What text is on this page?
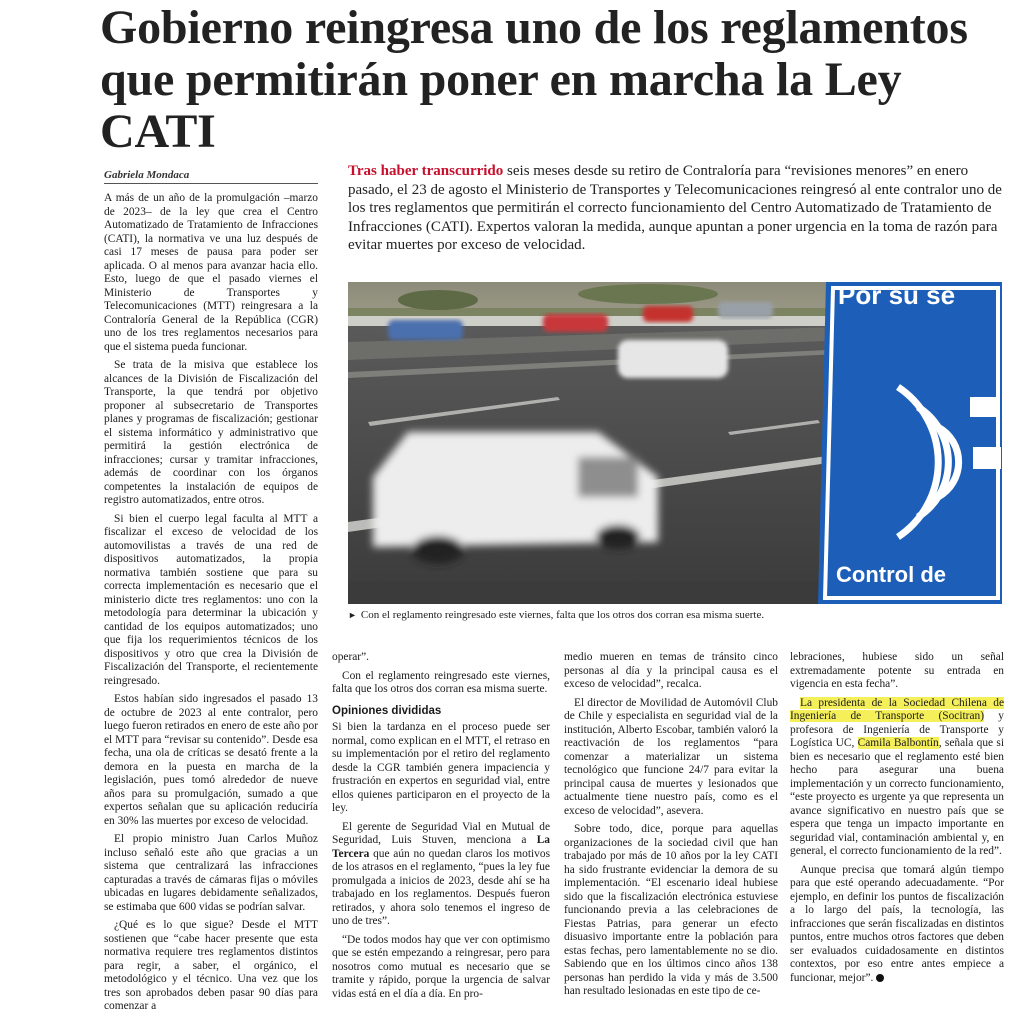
Gobierno reingresa uno de los reglamentos que permitirán poner en marcha la Ley CATI
Gabriela Mondaca	Tras haber transcurrido seis meses desde su retiro de Contraloría para “revisiones menores” en enero pasado, el 23 de agosto el Ministerio de Transportes y Telecomunicaciones reingresó al ente contralor uno de los tres reglamentos que permitirán el correcto funcionamiento del Centro Automatizado de Tratamiento de Infracciones (CATI). Expertos valoran la medida, aunque apuntan a poner urgencia en la toma de razón para evitar muertes por exceso de velocidad.
Por su se
Control de
► Con el reglamento reingresado este viernes, falta que los otros dos corran esa misma suerte.

A más de un año de la promulgación –marzo de 2023– de la ley que crea el Centro Automatizado de Tratamiento de Infracciones (CATI), la normativa ve una luz después de casi 17 meses de pausa para poder ser aplicada. O al menos para avanzar hacia ello. Esto, luego de que el pasado viernes el Ministerio de Transportes y Telecomunicaciones (MTT) reingresara a la Contraloría General de la República (CGR) uno de los tres reglamentos necesarios para que el sistema pueda funcionar.

Se trata de la misiva que establece los alcances de la División de Fiscalización del Transporte, la que tendrá por objetivo proponer al subsecretario de Transportes planes y programas de fiscalización; gestionar el sistema informático y administrativo que permitirá la gestión electrónica de infracciones; cursar y tramitar infracciones, además de coordinar con los órganos competentes la instalación de equipos de registro automatizados, entre otros.

Si bien el cuerpo legal faculta al MTT a fiscalizar el exceso de velocidad de los automovilistas a través de una red de dispositivos automatizados, la propia normativa también sostiene que para su correcta implementación es necesario que el ministerio dicte tres reglamentos: uno con la metodología para determinar la ubicación y cantidad de los equipos automatizados; uno que fija los requerimientos técnicos de los dispositivos y otro que crea la División de Fiscalización del Transporte, el recientemente reingresado.

Estos habían sido ingresados el pasado 13 de octubre de 2023 al ente contralor, pero luego fueron retirados en enero de este año por el MTT para “revisar su contenido”. Desde esa fecha, una ola de críticas se desató frente a la demora en la puesta en marcha de la legislación, pues tomó alrededor de nueve años para su promulgación, sumado a que expertos señalan que su aplicación reduciría en 30% las muertes por exceso de velocidad.

El propio ministro Juan Carlos Muñoz incluso señaló este año que gracias a un sistema que centralizará las infracciones capturadas a través de cámaras fijas o móviles ubicadas en lugares debidamente señalizados, se estimaba que 600 vidas se podrían salvar.

¿Qué es lo que sigue? Desde el MTT sostienen que “cabe hacer presente que esta normativa requiere tres reglamentos distintos para regir, a saber, el orgánico, el metodológico y el técnico. Una vez que los tres son aprobados deben pasar 90 días para comenzar a

operar”.

Con el reglamento reingresado este viernes, falta que los otros dos corran esa misma suerte.

Opiniones divididas

Si bien la tardanza en el proceso puede ser normal, como explican en el MTT, el retraso en su implementación por el retiro del reglamento desde la CGR también genera impaciencia y frustración en expertos en seguridad vial, entre ellos quienes participaron en el proyecto de la ley.

El gerente de Seguridad Vial en Mutual de Seguridad, Luis Stuven, menciona a La Tercera que aún no quedan claros los motivos de los atrasos en el reglamento, “pues la ley fue promulgada a inicios de 2023, desde ahí se ha trabajado en los reglamentos. Después fueron retirados, y ahora solo tenemos el ingreso de uno de tres”.

“De todos modos hay que ver con optimismo que se estén empezando a reingresar, pero para nosotros como mutual es necesario que se tramite y rápido, porque la urgencia de salvar vidas está en el día a día. En pro-

medio mueren en temas de tránsito cinco personas al día y la principal causa es el exceso de velocidad”, recalca.

El director de Movilidad de Automóvil Club de Chile y especialista en seguridad vial de la institución, Alberto Escobar, también valoró la reactivación de los reglamentos “para comenzar a materializar un sistema tecnológico que funcione 24/7 para evitar la principal causa de muertes y lesionados que actualmente tiene nuestro país, como es el exceso de velocidad”, asevera.

Sobre todo, dice, porque para aquellas organizaciones de la sociedad civil que han trabajado por más de 10 años por la ley CATI ha sido frustrante evidenciar la demora de su implementación. “El escenario ideal hubiese sido que la fiscalización electrónica estuviese funcionando previa a las celebraciones de Fiestas Patrias, para generar un efecto disuasivo importante entre la población para estas fechas, pero lamentablemente no se dio. Sabiendo que en los últimos cinco años 138 personas han perdido la vida y más de 3.500 han resultado lesionadas en este tipo de ce-

lebraciones, hubiese sido un señal extremadamente potente su entrada en vigencia en esta fecha”.

La presidenta de la Sociedad Chilena de Ingeniería de Transporte (Socitran) y profesora de Ingeniería de Transporte y Logística UC, Camila Balbontín, señala que si bien es necesario que el reglamento esté bien hecho para asegurar una buena implementación y un correcto funcionamiento, “este proyecto es urgente ya que representa un avance significativo en nuestro país que se espera que tenga un impacto importante en seguridad vial, contaminación ambiental y, en general, el correcto funcionamiento de la red”.

Aunque precisa que tomará algún tiempo para que esté operando adecuadamente. “Por ejemplo, en definir los puntos de fiscalización a lo largo del país, la tecnología, las infracciones que serán fiscalizadas en distintos puntos, entre muchos otros factores que deben ser evaluados cuidadosamente en distintos contextos, por eso entre antes empiece a funcionar, mejor”.
